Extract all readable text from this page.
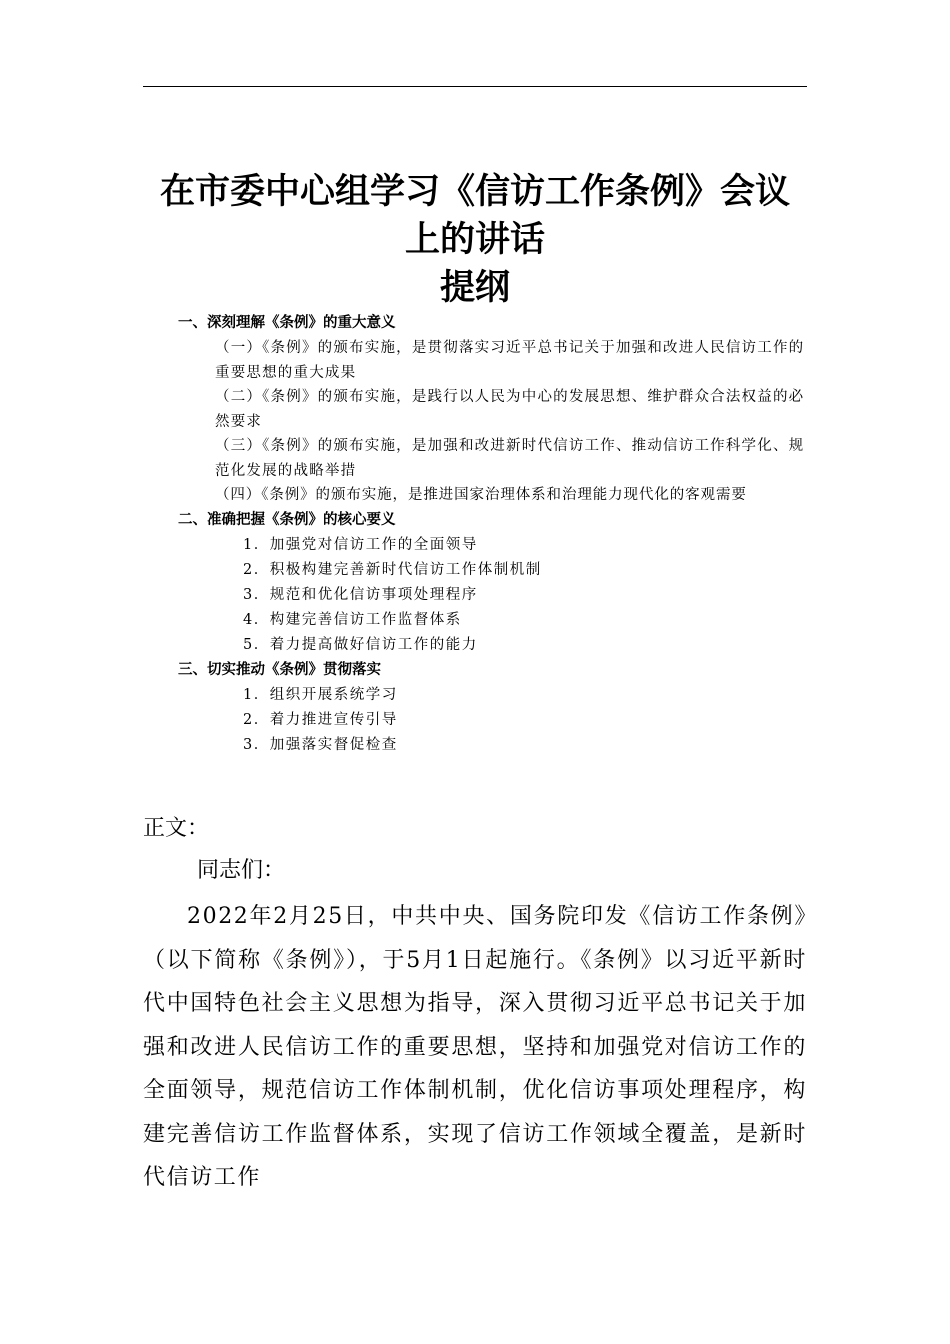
在市委中心组学习《信访工作条例》会议
上的讲话
提纲
一、深刻理解《条例》的重大意义
（一）《条例》的颁布实施，是贯彻落实习近平总书记关于加强和改进人民信访工作的重要思想的重大成果
（二）《条例》的颁布实施，是践行以人民为中心的发展思想、维护群众合法权益的必然要求
（三）《条例》的颁布实施，是加强和改进新时代信访工作、推动信访工作科学化、规范化发展的战略举措
（四）《条例》的颁布实施，是推进国家治理体系和治理能力现代化的客观需要
二、准确把握《条例》的核心要义
1．加强党对信访工作的全面领导
2．积极构建完善新时代信访工作体制机制
3．规范和优化信访事项处理程序
4．构建完善信访工作监督体系
5．着力提高做好信访工作的能力
三、切实推动《条例》贯彻落实
1．组织开展系统学习
2．着力推进宣传引导
3．加强落实督促检查
正文：
同志们：
2022年2月25日，中共中央、国务院印发《信访工作条例》（以下简称《条例》），于5月1日起施行。《条例》以习近平新时代中国特色社会主义思想为指导，深入贯彻习近平总书记关于加强和改进人民信访工作的重要思想，坚持和加强党对信访工作的全面领导，规范信访工作体制机制，优化信访事项处理程序，构建完善信访工作监督体系，实现了信访工作领域全覆盖，是新时代信访工作
